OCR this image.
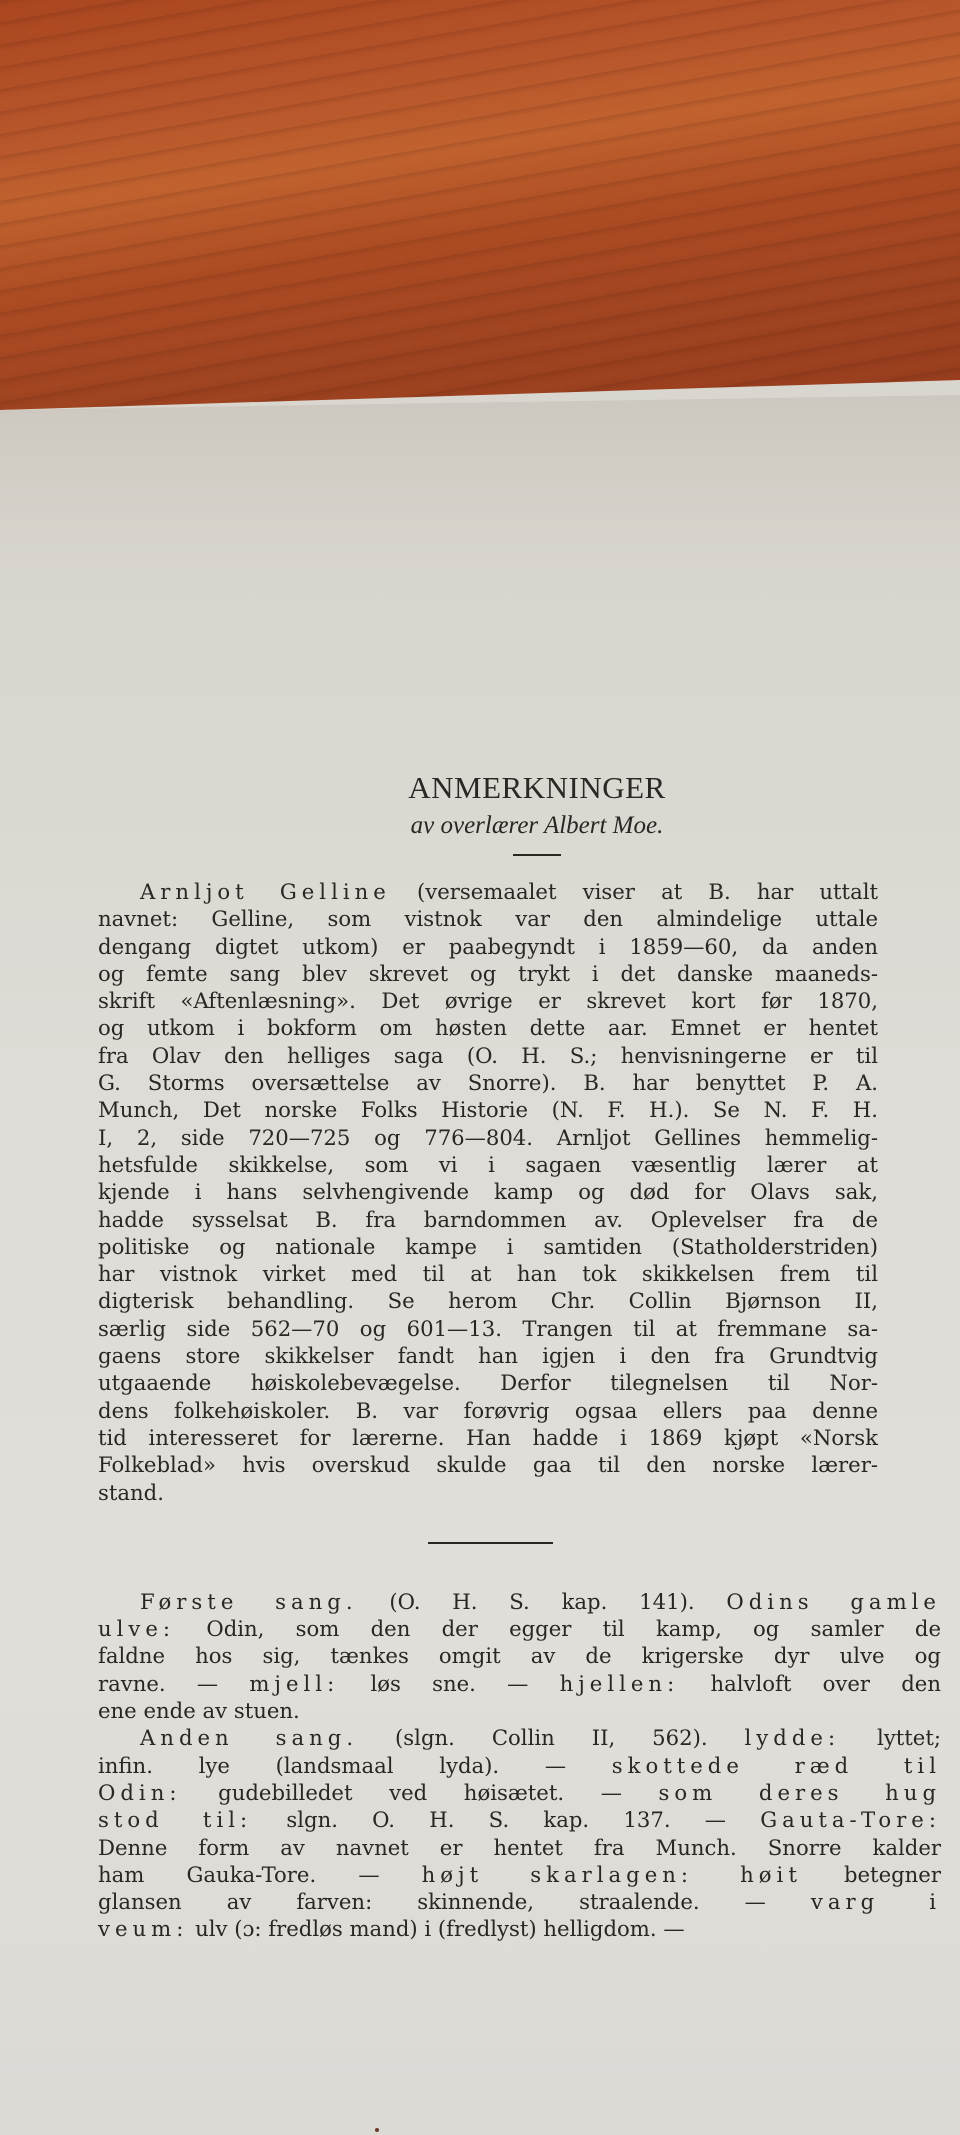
ANMERKNINGER

av overlærer Albert Moe.

Arnljot Gelline (versemaalet viser at B. har uttalt
navnet: Gelline, som vistnok var den almindelige uttale
dengang digtet utkom) er paabegyndt i 1859—60, da anden
og femte sang blev skrevet og trykt i det danske maaneds-
skrift «Aftenlæsning». Det øvrige er skrevet kort før 1870,
og utkom i bokform om høsten dette aar. Emnet er hentet
fra Olav den helliges saga (O. H. S.; henvisningerne er til
G. Storms oversættelse av Snorre). B. har benyttet P. A.
Munch, Det norske Folks Historie (N. F. H.). Se N. F. H.
I, 2, side 720—725 og 776—804. Arnljot Gellines hemmelig-
hetsfulde skikkelse, som vi i sagaen væsentlig lærer at
kjende i hans selvhengivende kamp og død for Olavs sak,
hadde sysselsat B. fra barndommen av. Oplevelser fra de
politiske og nationale kampe i samtiden (Statholderstriden)
har vistnok virket med til at han tok skikkelsen frem til
digterisk behandling. Se herom Chr. Collin Bjørnson II,
særlig side 562—70 og 601—13. Trangen til at fremmane sa-
gaens store skikkelser fandt han igjen i den fra Grundtvig
utgaaende høiskolebevægelse. Derfor tilegnelsen til Nor-
dens folkehøiskoler. B. var forøvrig ogsaa ellers paa denne
tid interesseret for lærerne. Han hadde i 1869 kjøpt «Norsk
Folkeblad» hvis overskud skulde gaa til den norske lærer-
stand.
Første sang. (O. H. S. kap. 141). Odins gamle
ulve: Odin, som den der egger til kamp, og samler de
faldne hos sig, tænkes omgit av de krigerske dyr ulve og
ravne. — mjell: løs sne. — hjellen: halvloft over den
ene ende av stuen.
Anden sang. (slgn. Collin II, 562). lydde: lyttet;
infin. lye (landsmaal lyda). — skottede ræd til
Odin: gudebilledet ved høisætet. — som deres hug
stod til: slgn. O. H. S. kap. 137. — Gauta-Tore:
Denne form av navnet er hentet fra Munch. Snorre kalder
ham Gauka-Tore. — højt skarlagen: høit betegner
glansen av farven: skinnende, straalende. — varg i
veum: ulv (ɔ: fredløs mand) i (fredlyst) helligdom. —
